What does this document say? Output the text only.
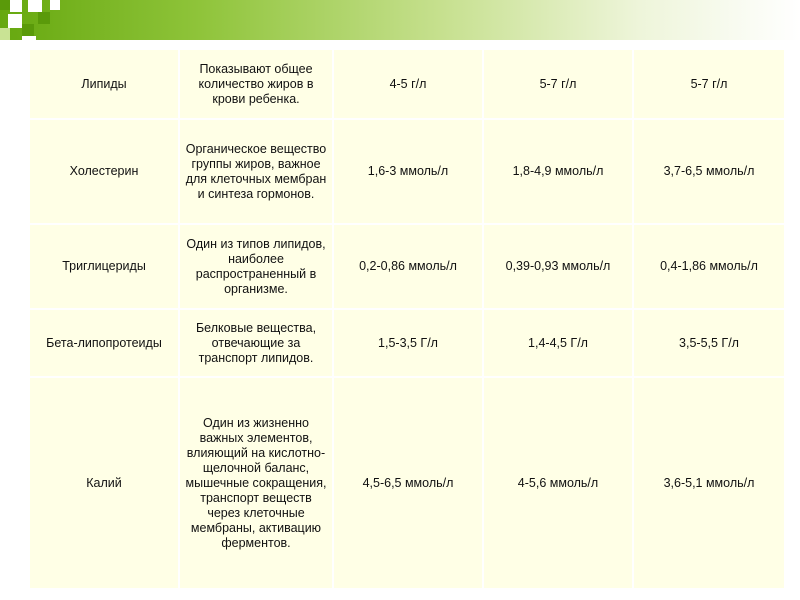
Липиды	Показывают общее количество жиров в крови ребенка.	4-5 г/л	5-7 г/л	5-7 г/л
Холестерин	Органическое вещество группы жиров, важное для клеточных мембран и синтеза гормонов.	1,6-3 ммоль/л	1,8-4,9 ммоль/л	3,7-6,5 ммоль/л
Триглицериды	Один из типов липидов, наиболее распространенный в организме.	0,2-0,86 ммоль/л	0,39-0,93 ммоль/л	0,4-1,86 ммоль/л
Бета-липопротеиды	Белковые вещества, отвечающие за транспорт липидов.	1,5-3,5 Г/л	1,4-4,5 Г/л	3,5-5,5 Г/л
Калий	Один из жизненно важных элементов, влияющий на кислотно-щелочной баланс, мышечные сокращения, транспорт веществ через клеточные мембраны, активацию ферментов.	4,5-6,5 ммоль/л	4-5,6 ммоль/л	3,6-5,1 ммоль/л
